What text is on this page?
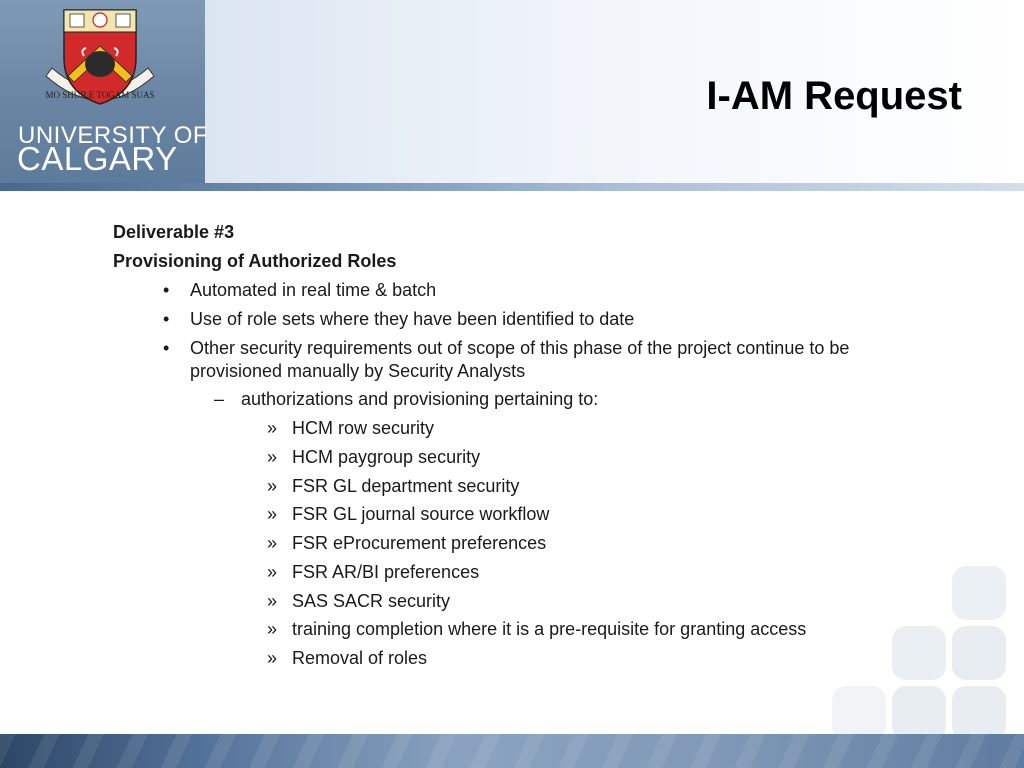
MO SHÙILE TOGAM SUAS
UNIVERSITY OF
CALGARY
I-AM Request
Deliverable #3
Provisioning of Authorized Roles
• Automated in real time & batch
• Use of role sets where they have been identified to date
• Other security requirements out of scope of this phase of the project continue to be
provisioned manually by Security Analysts
– authorizations and provisioning pertaining to:
» HCM row security
» HCM paygroup security
» FSR GL department security
» FSR GL journal source workflow
» FSR eProcurement preferences
» FSR AR/BI preferences
» SAS SACR security
» training completion where it is a pre-requisite for granting access
» Removal of roles
